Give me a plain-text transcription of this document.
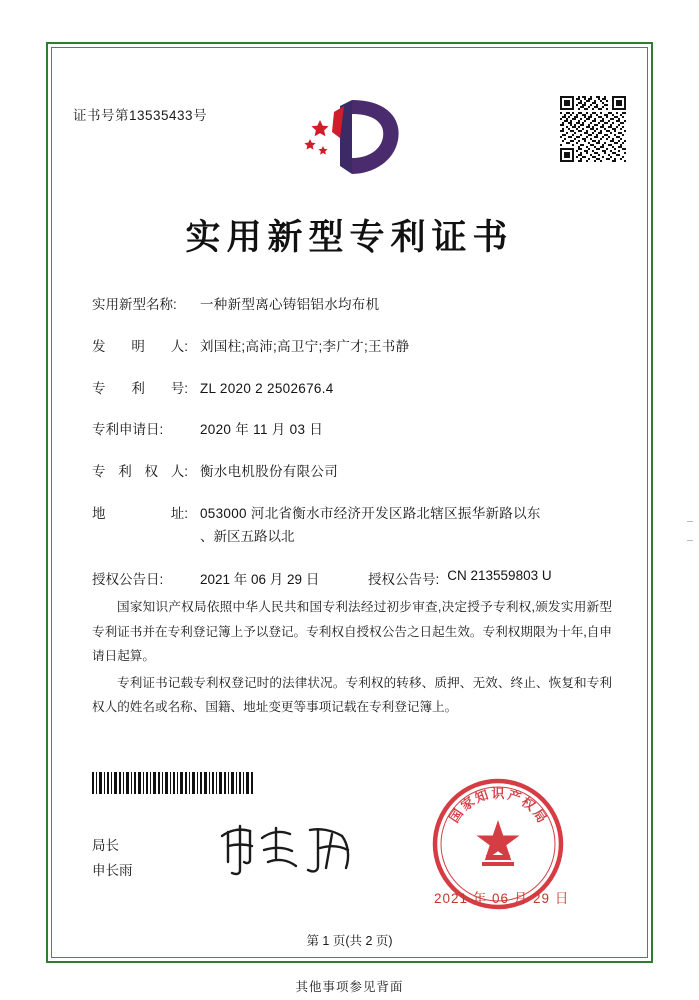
证书号第13535433号
实用新型专利证书
实用新型名称:	一种新型离心铸铝铝水均布机
发 明 人: 刘国柱;高沛;高卫宁;李广才;王书静
专 利 号: ZL 2020 2 2502676.4
专利申请日:	2020 年 11 月 03 日
专 利 权 人: 衡水电机股份有限公司
地	址: 053000 河北省衡水市经济开发区路北辖区振华新路以东
、新区五路以北
授权公告日:	2021 年 06 月 29 日	授权公告号: CN 213559803 U

国家知识产权局依照中华人民共和国专利法经过初步审查,决定授予专利权,颁发实用新型专利证书并在专利登记簿上予以登记。专利权自授权公告之日起生效。专利权期限为十年,自申请日起算。

专利证书记载专利权登记时的法律状况。专利权的转移、质押、无效、终止、恢复和专利权人的姓名或名称、国籍、地址变更等事项记载在专利登记簿上。

局长
申长雨
国
家
知 识 产
权
局
2021 年 06 月 29 日
第 1 页(共 2 页)
其他事项参见背面
